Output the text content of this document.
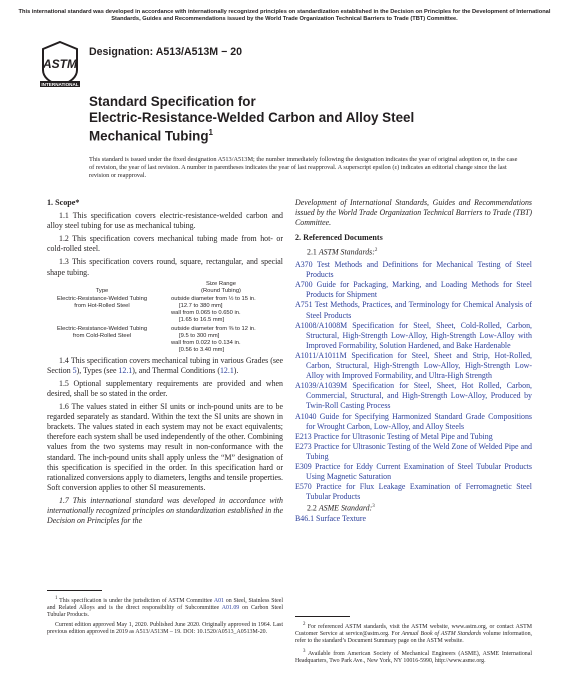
This international standard was developed in accordance with internationally recognized principles on standardization established in the Decision on Principles for the Development of International Standards, Guides and Recommendations issued by the World Trade Organization Technical Barriers to Trade (TBT) Committee.
ASTM
INTERNATIONAL
Designation: A513/A513M − 20
Standard Specification for
Electric-Resistance-Welded Carbon and Alloy Steel
Mechanical Tubing$^1$
This standard is issued under the fixed designation A513/A513M; the number immediately following the designation indicates the year of original adoption or, in the case of revision, the year of last revision. A number in parentheses indicates the year of last reapproval. A superscript epsilon (ε) indicates an editorial change since the last revision or reapproval.

1. Scope*

1.1 This specification covers electric-resistance-welded carbon and alloy steel tubing for use as mechanical tubing.

1.2 This specification covers mechanical tubing made from hot- or cold-rolled steel.

1.3 This specification covers round, square, rectangular, and special shape tubing.

Size Range
(Round Tubing)
Type
Electric-Resistance-Welded Tubing
from Hot-Rolled Steel
outside diameter from ½ to 15 in.
[12.7 to 380 mm]
wall from 0.065 to 0.650 in.
[1.65 to 16.5 mm]
Electric-Resistance-Welded Tubing
from Cold-Rolled Steel
outside diameter from ⅜ to 12 in.
[9.5 to 300 mm]
wall from 0.022 to 0.134 in.
[0.56 to 3.40 mm]

1.4 This specification covers mechanical tubing in various Grades (see Section 5), Types (see 12.1), and Thermal Conditions (12.1).

1.5 Optional supplementary requirements are provided and when desired, shall be so stated in the order.

1.6 The values stated in either SI units or inch-pound units are to be regarded separately as standard. Within the text the SI units are shown in brackets. The values stated in each system may not be exact equivalents; therefore each system shall be used independently of the other. Combining values from the two systems may result in non-conformance with the standard. The inch-pound units shall apply unless the “M” designation of this specification is specified in the order. In this specification hard or rationalized conversions apply to diameters, lengths and tensile properties. Soft conversion applies to other SI measurements.

1.7 This international standard was developed in accordance with internationally recognized principles on standardization established in the Decision on Principles for the

$^1$ This specification is under the jurisdiction of ASTM Committee A01 on Steel, Stainless Steel and Related Alloys and is the direct responsibility of Subcommittee A01.09 on Carbon Steel Tubular Products.

Current edition approved May 1, 2020. Published June 2020. Originally approved in 1964. Last previous edition approved in 2019 as A513/A513M – 19. DOI: 10.1520/A0513_A0513M-20.

Development of International Standards, Guides and Recommendations issued by the World Trade Organization Technical Barriers to Trade (TBT) Committee.

2. Referenced Documents

2.1 ASTM Standards:$^2$

A370 Test Methods and Definitions for Mechanical Testing of Steel Products

A700 Guide for Packaging, Marking, and Loading Methods for Steel Products for Shipment

A751 Test Methods, Practices, and Terminology for Chemical Analysis of Steel Products

A1008/A1008M Specification for Steel, Sheet, Cold-Rolled, Carbon, Structural, High-Strength Low-Alloy, High-Strength Low-Alloy with Improved Formability, Solution Hardened, and Bake Hardenable

A1011/A1011M Specification for Steel, Sheet and Strip, Hot-Rolled, Carbon, Structural, High-Strength Low-Alloy, High-Strength Low-Alloy with Improved Formability, and Ultra-High Strength

A1039/A1039M Specification for Steel, Sheet, Hot Rolled, Carbon, Commercial, Structural, and High-Strength Low-Alloy, Produced by Twin-Roll Casting Process

A1040 Guide for Specifying Harmonized Standard Grade Compositions for Wrought Carbon, Low-Alloy, and Alloy Steels

E213 Practice for Ultrasonic Testing of Metal Pipe and Tubing

E273 Practice for Ultrasonic Testing of the Weld Zone of Welded Pipe and Tubing

E309 Practice for Eddy Current Examination of Steel Tubular Products Using Magnetic Saturation

E570 Practice for Flux Leakage Examination of Ferromagnetic Steel Tubular Products

2.2 ASME Standard:$^3$

B46.1 Surface Texture

$^2$ For referenced ASTM standards, visit the ASTM website, www.astm.org, or contact ASTM Customer Service at service@astm.org. For Annual Book of ASTM Standards volume information, refer to the standard’s Document Summary page on the ASTM website.

$^3$ Available from American Society of Mechanical Engineers (ASME), ASME International Headquarters, Two Park Ave., New York, NY 10016-5990, http://www.asme.org.
